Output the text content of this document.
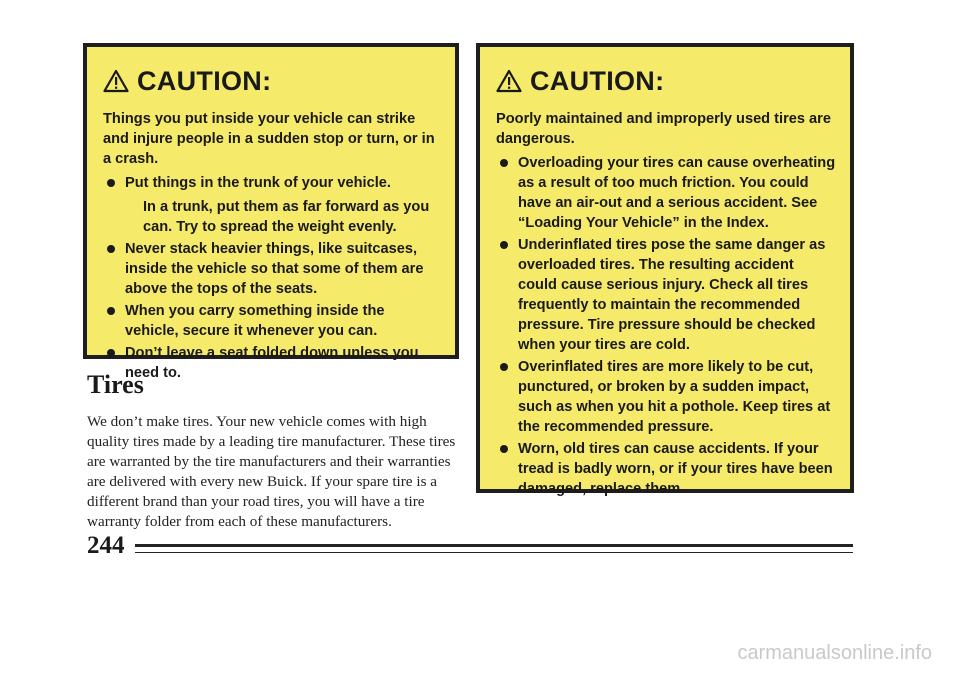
CAUTION:

Things you put inside your vehicle can strike and injure people in a sudden stop or turn, or in a crash.

Put things in the trunk of your vehicle.
In a trunk, put them as far forward as you can. Try to spread the weight evenly.
Never stack heavier things, like suitcases, inside the vehicle so that some of them are above the tops of the seats.
When you carry something inside the vehicle, secure it whenever you can.
Don’t leave a seat folded down unless you need to.
CAUTION:

Poorly maintained and improperly used tires are dangerous.

Overloading your tires can cause overheating as a result of too much friction. You could have an air-out and a serious accident. See “Loading Your Vehicle” in the Index.
Underinflated tires pose the same danger as overloaded tires. The resulting accident could cause serious injury. Check all tires frequently to maintain the recommended pressure. Tire pressure should be checked when your tires are cold.
Overinflated tires are more likely to be cut, punctured, or broken by a sudden impact, such as when you hit a pothole. Keep tires at the recommended pressure.
Worn, old tires can cause accidents. If your tread is badly worn, or if your tires have been damaged, replace them.
Tires

We don’t make tires. Your new vehicle comes with high quality tires made by a leading tire manufacturer. These tires are warranted by the tire manufacturers and their warranties are delivered with every new Buick. If your spare tire is a different brand than your road tires, you will have a tire warranty folder from each of these manufacturers.

244
carmanualsonline.info
